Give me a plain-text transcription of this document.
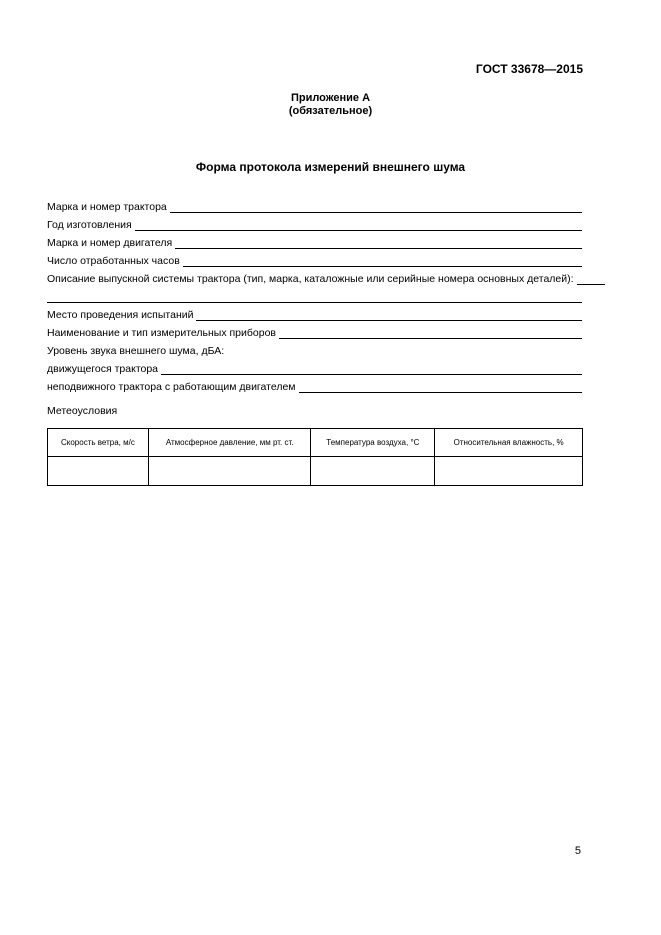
ГОСТ 33678—2015
Приложение А
(обязательное)
Форма протокола измерений внешнего шума
Марка и номер трактора
Год изготовления
Марка и номер двигателя
Число отработанных часов
Описание выпускной системы трактора (тип, марка, каталожные или серийные номера основных деталей):
Место проведения испытаний
Наименование и тип измерительных приборов
Уровень звука внешнего шума, дБА:
движущегося трактора
неподвижного трактора с работающим двигателем
Метеоусловия
Скорость ветра, м/с	Атмосферное давление, мм рт. ст.	Температура воздуха, °С	Относительная влажность, %

5
